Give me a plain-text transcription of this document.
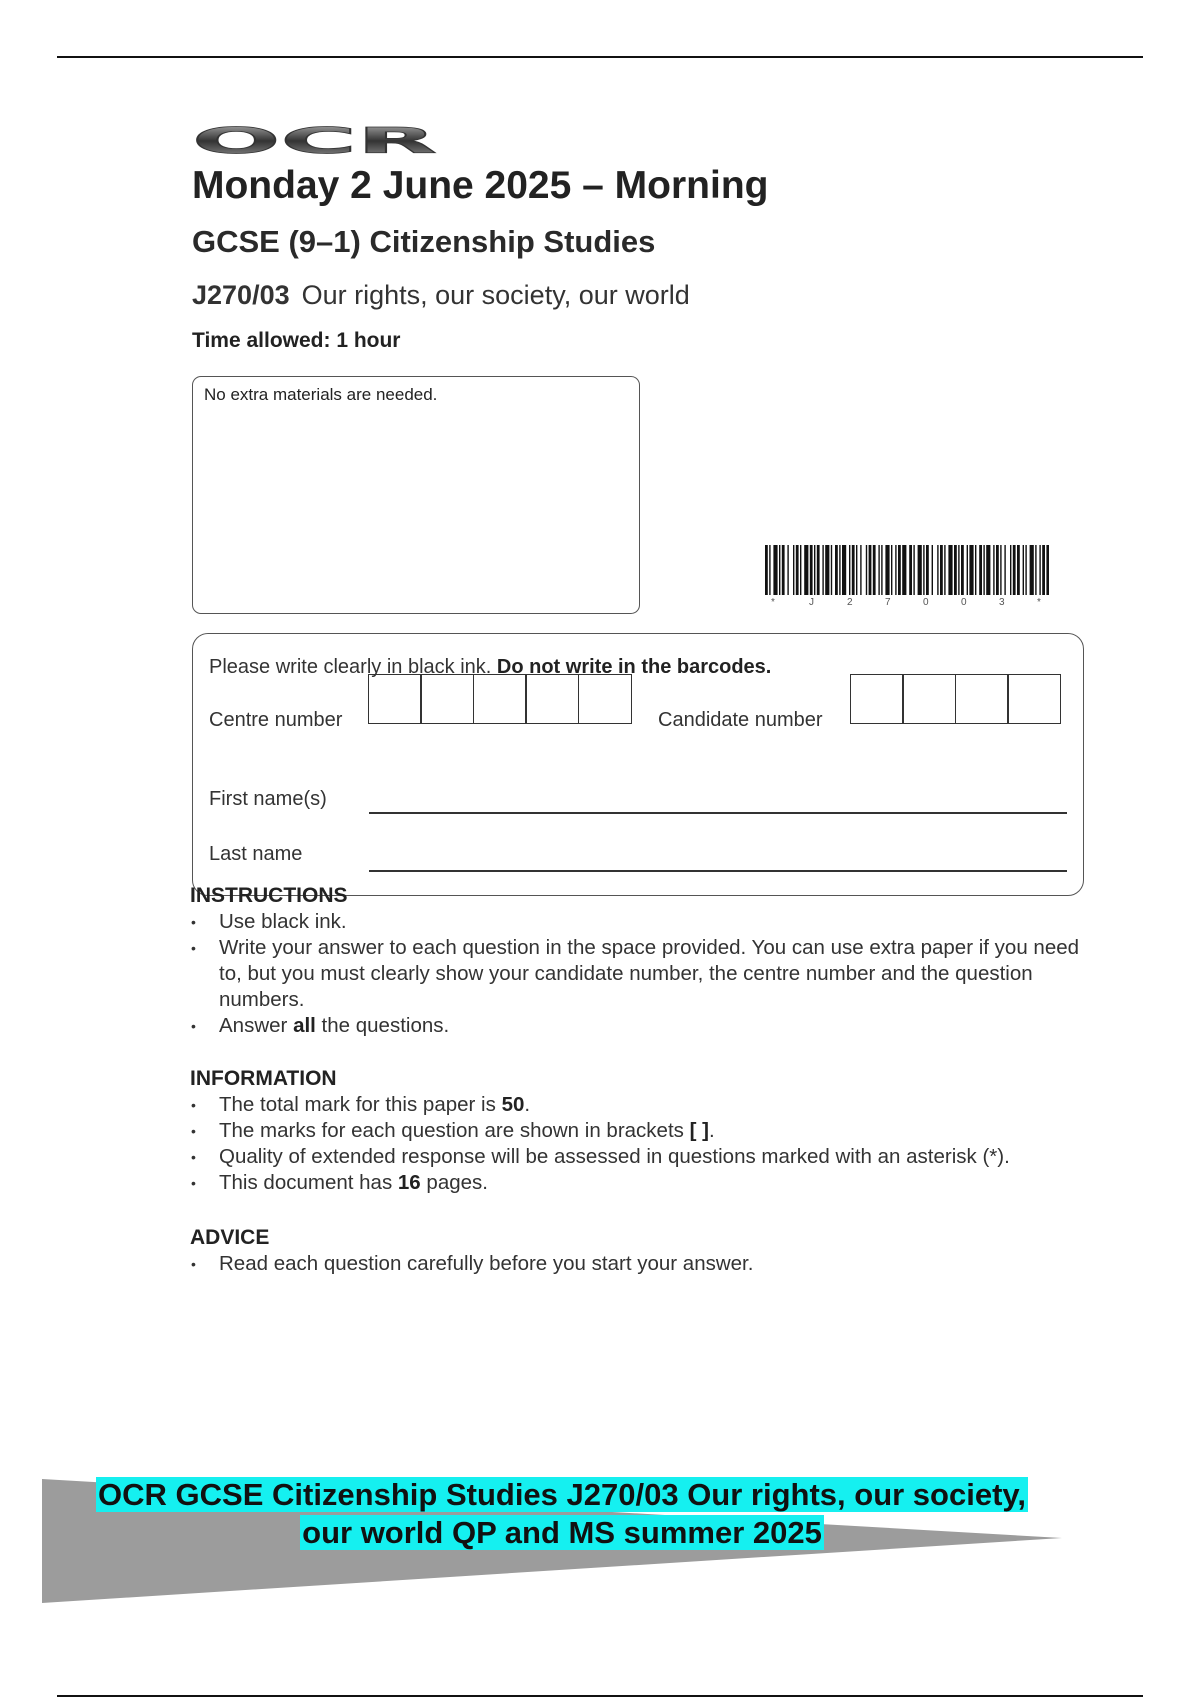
OCR
Monday 2 June 2025 – Morning
GCSE (9–1) Citizenship Studies
J270/03 Our rights, our society, our world
Time allowed: 1 hour
No extra materials are needed.
*	J	2	7	0	0	3	*
Please write clearly in black ink. Do not write in the barcodes.
Centre number	Candidate number
First name(s)
Last name
INSTRUCTIONS
• Use black ink.
• Write your answer to each question in the space provided. You can use extra paper if you need to, but you must clearly show your candidate number, the centre number and the question numbers.
• Answer all the questions.
INFORMATION
• The total mark for this paper is 50.
• The marks for each question are shown in brackets [ ].
• Quality of extended response will be assessed in questions marked with an asterisk (*).
• This document has 16 pages.
ADVICE
• Read each question carefully before you start your answer.
OCR GCSE Citizenship Studies J270/03 Our rights, our society,
our world QP and MS summer 2025
